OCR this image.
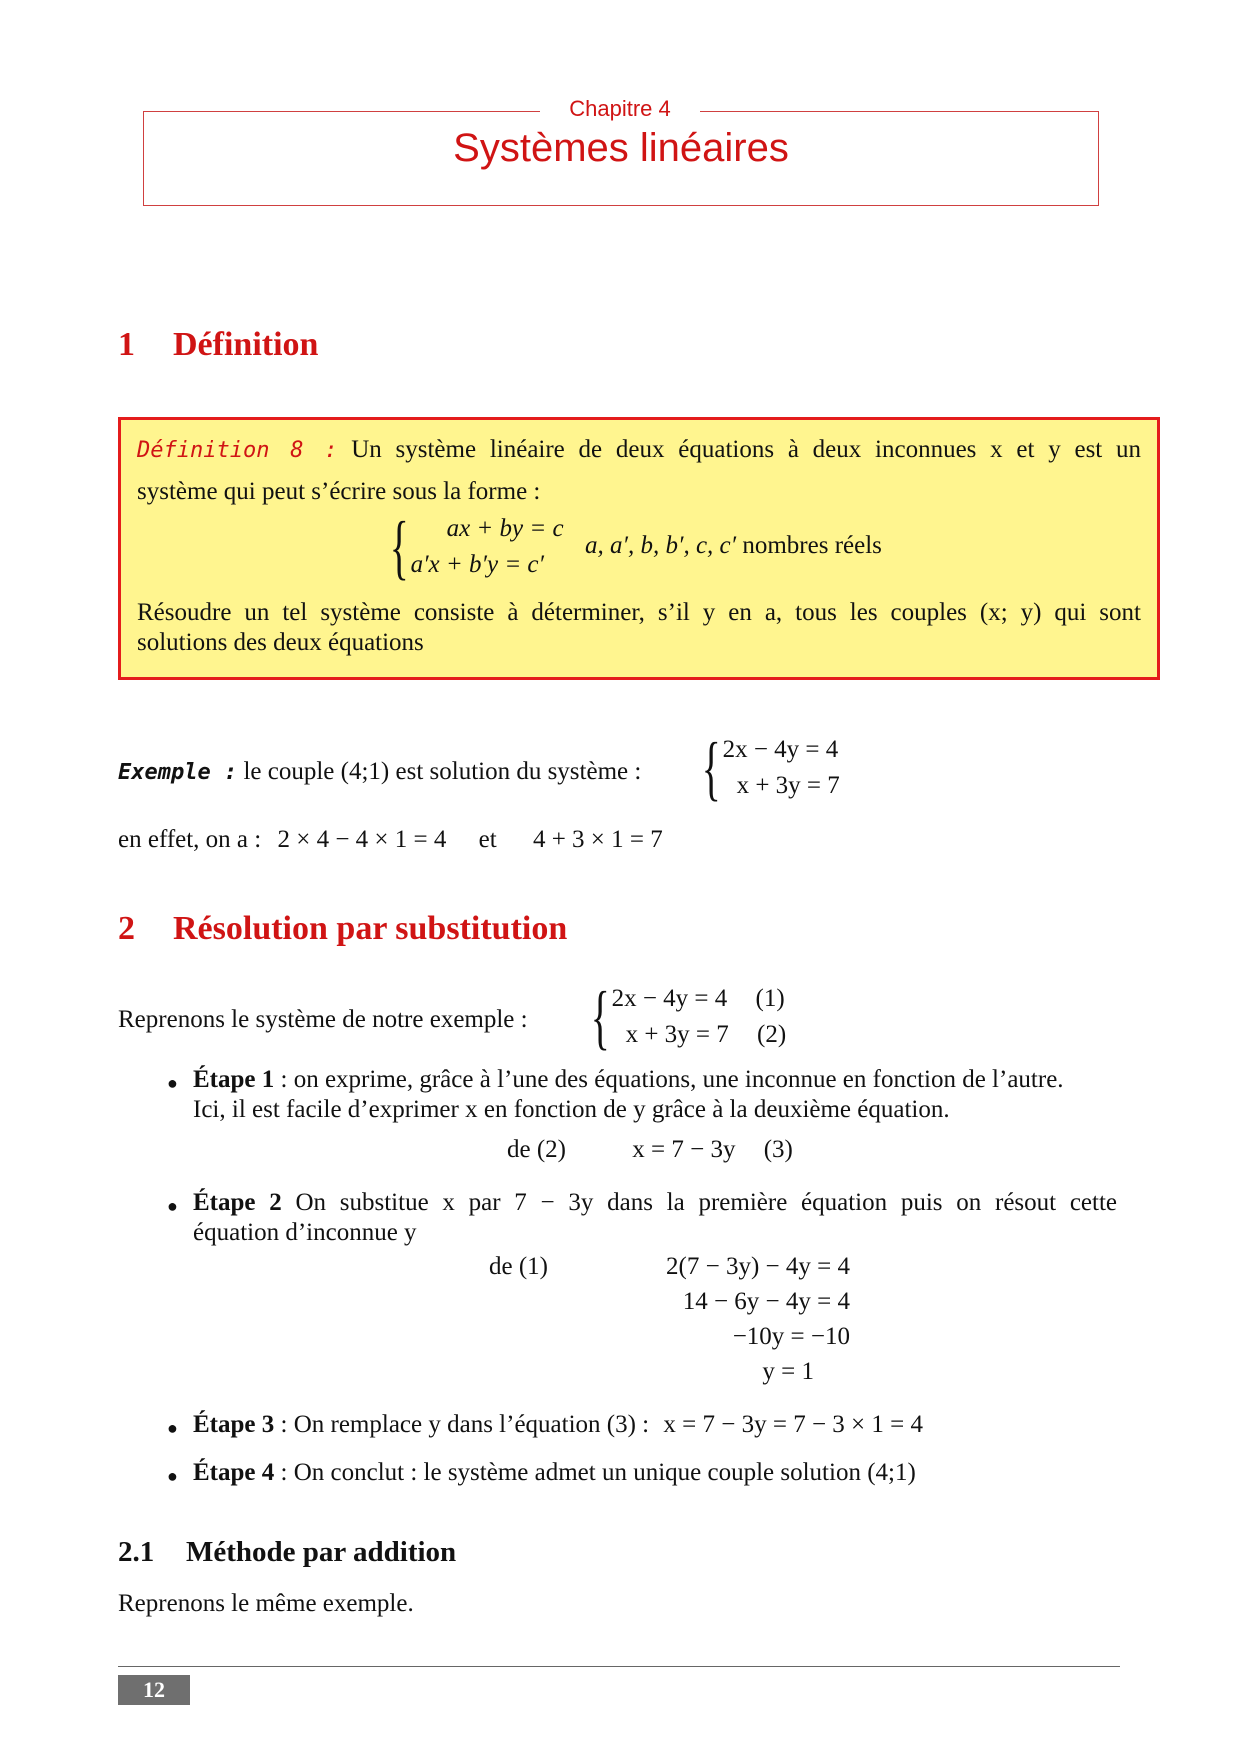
Chapitre 4
Systèmes linéaires
1 Définition
Définition 8 : Un système linéaire de deux équations à deux inconnues x et y est un
système qui peut s’écrire sous la forme :
{	ax + by = c
a′x + b′y = c′
a, a′, b, b′, c, c′ nombres réels
Résoudre un tel système consiste à déterminer, s’il y en a, tous les couples (x; y) qui sont
solutions des deux équations
Exemple : le couple (4;1) est solution du système : { 2x − 4y = 4
x + 3y = 7
en effet, on a : 2 × 4 − 4 × 1 = 4 et 4 + 3 × 1 = 7
2 Résolution par substitution
Reprenons le système de notre exemple : { 2x − 4y = 4 (1)
x + 3y = 7 (2)
● Étape 1 : on exprime, grâce à l’une des équations, une inconnue en fonction de l’autre.
Ici, il est facile d’exprimer x en fonction de y grâce à la deuxième équation.
de (2)	x = 7 − 3y (3)
● Étape 2 On substitue x par 7 − 3y dans la première équation puis on résout cette
équation d’inconnue y
de (1)	2(7 − 3y) − 4y = 4
14 − 6y − 4y = 4
−10y = −10
y = 1
● Étape 3 : On remplace y dans l’équation (3) : x = 7 − 3y = 7 − 3 × 1 = 4
● Étape 4 : On conclut : le système admet un unique couple solution (4;1)
2.1 Méthode par addition
Reprenons le même exemple.
12
